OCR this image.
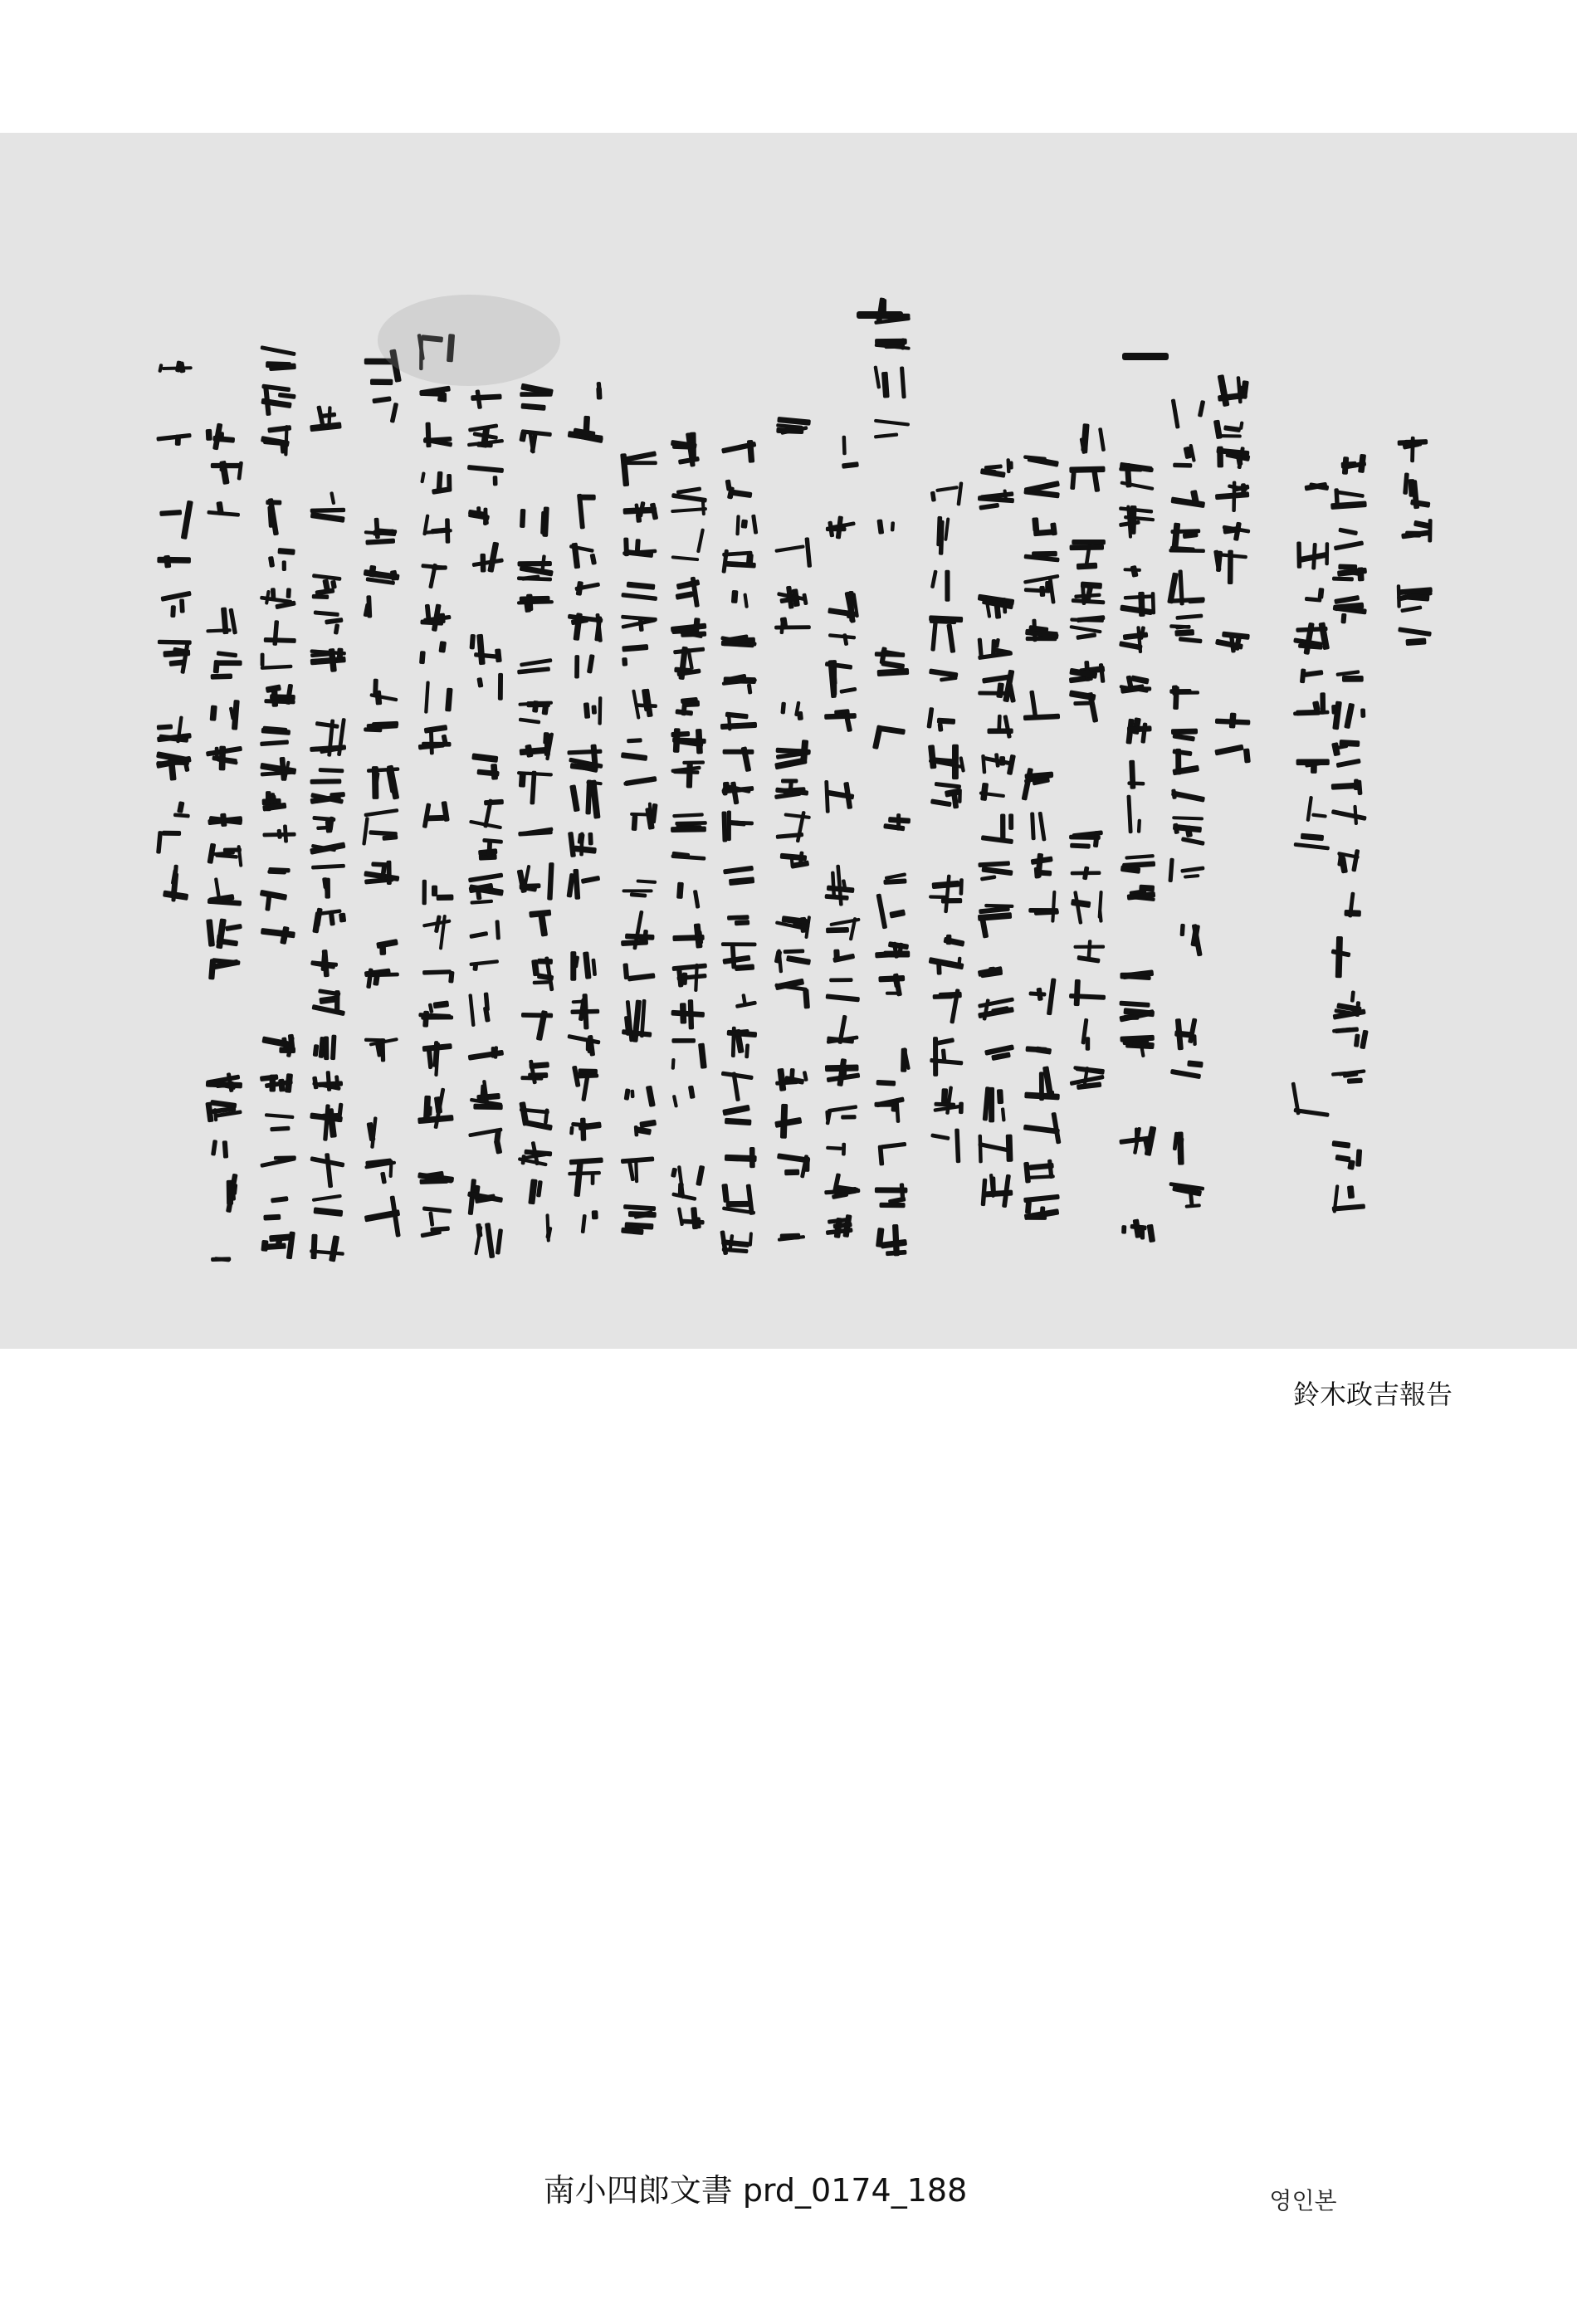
鈴木政吉報告
南小四郎文書 prd_0174_188	영인본
